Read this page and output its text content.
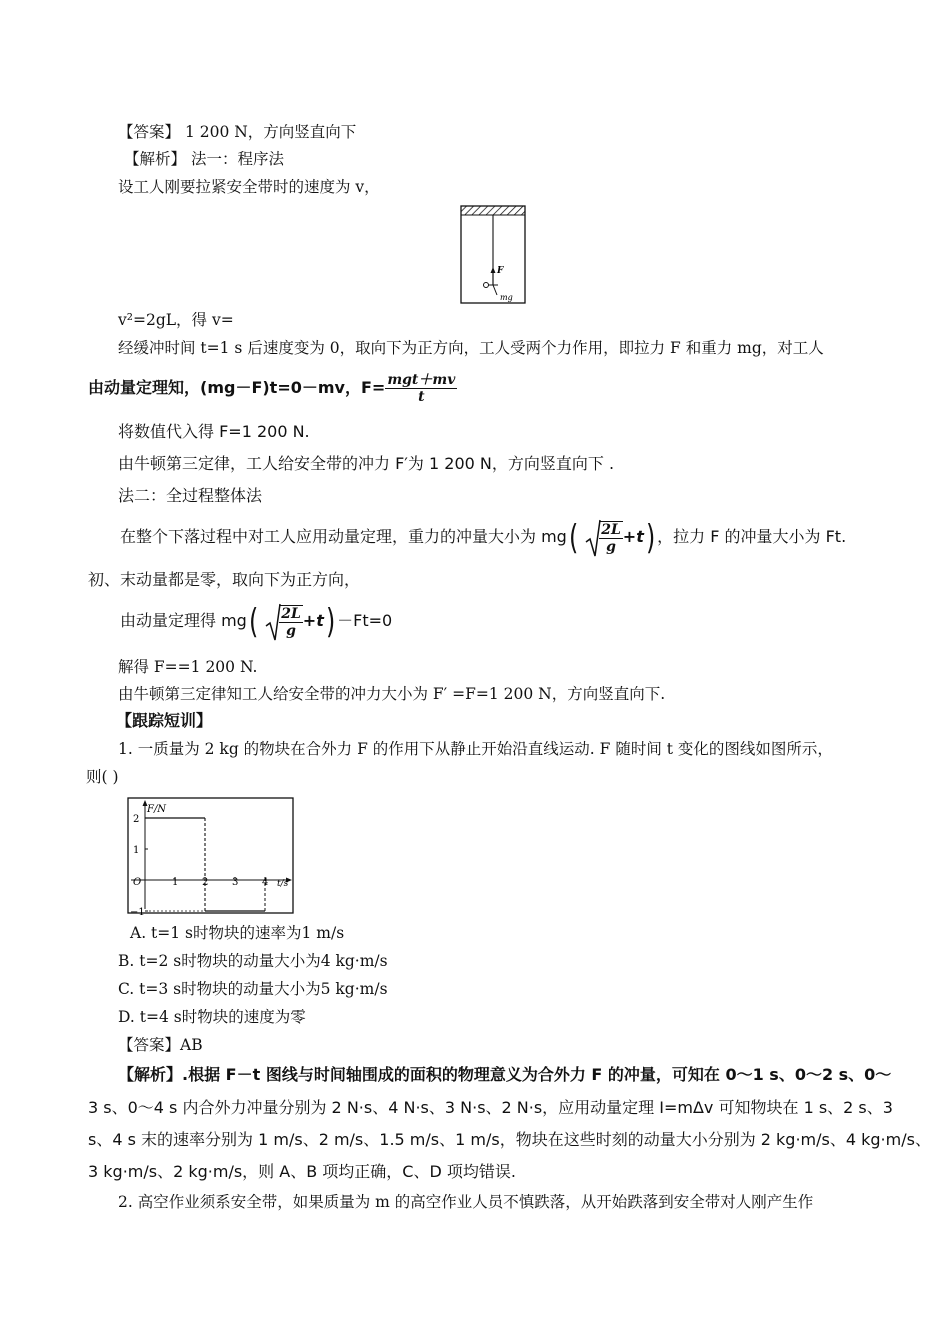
【答案】 1 200 N，方向竖直向下
【解析】 法一：程序法
设工人刚要拉紧安全带时的速度为 v，
F
mg
v²=2gL，得 v=
经缓冲时间 t=1 s 后速度变为 0，取向下为正方向，工人受两个力作用，即拉力 F 和重力 mg，对工人
由动量定理知，(mg－F)t=0－mv，$F= \frac{\text{mgt＋mv}}{t}$
将数值代入得 F=1 200 N.
由牛顿第三定律，工人给安全带的冲力 F′为 1 200 N，方向竖直向下 .
法二：全过程整体法
在整个下落过程中对工人应用动量定理，重力的冲量大小为 $mg( \frac{2L}{g} +t)$ ，拉力 F 的冲量大小为 Ft.
初、末动量都是零，取向下为正方向，
由动量定理得 $mg( \frac{2L}{g} +t) -Ft=0$
解得 F==1 200 N.
由牛顿第三定律知工人给安全带的冲力大小为 F′ =F=1 200 N，方向竖直向下.
【跟踪短训】
1. 一质量为 2 kg 的物块在合外力 F 的作用下从静止开始沿直线运动. F 随时间 t 变化的图线如图所示，
则( )
F/N
t/s
O	1 2 3 4
2
1
−1
A. t=1 s时物块的速率为1 m/s
B. t=2 s时物块的动量大小为4 kg·m/s
C. t=3 s时物块的动量大小为5 kg·m/s
D. t=4 s时物块的速度为零
【答案】AB
【解析】.根据 F－t 图线与时间轴围成的面积的物理意义为合外力 F 的冲量，可知在 0～1 s、0～2 s、0～
3 s、0～4 s 内合外力冲量分别为 2 N·s、4 N·s、3 N·s、2 N·s，应用动量定理 I=mΔv 可知物块在 1 s、2 s、3
s、4 s 末的速率分别为 1 m/s、2 m/s、1.5 m/s、1 m/s，物块在这些时刻的动量大小分别为 2 kg·m/s、4 kg·m/s、
3 kg·m/s、2 kg·m/s，则 A、B 项均正确，C、D 项均错误.
2. 高空作业须系安全带，如果质量为 m 的高空作业人员不慎跌落，从开始跌落到安全带对人刚产生作
